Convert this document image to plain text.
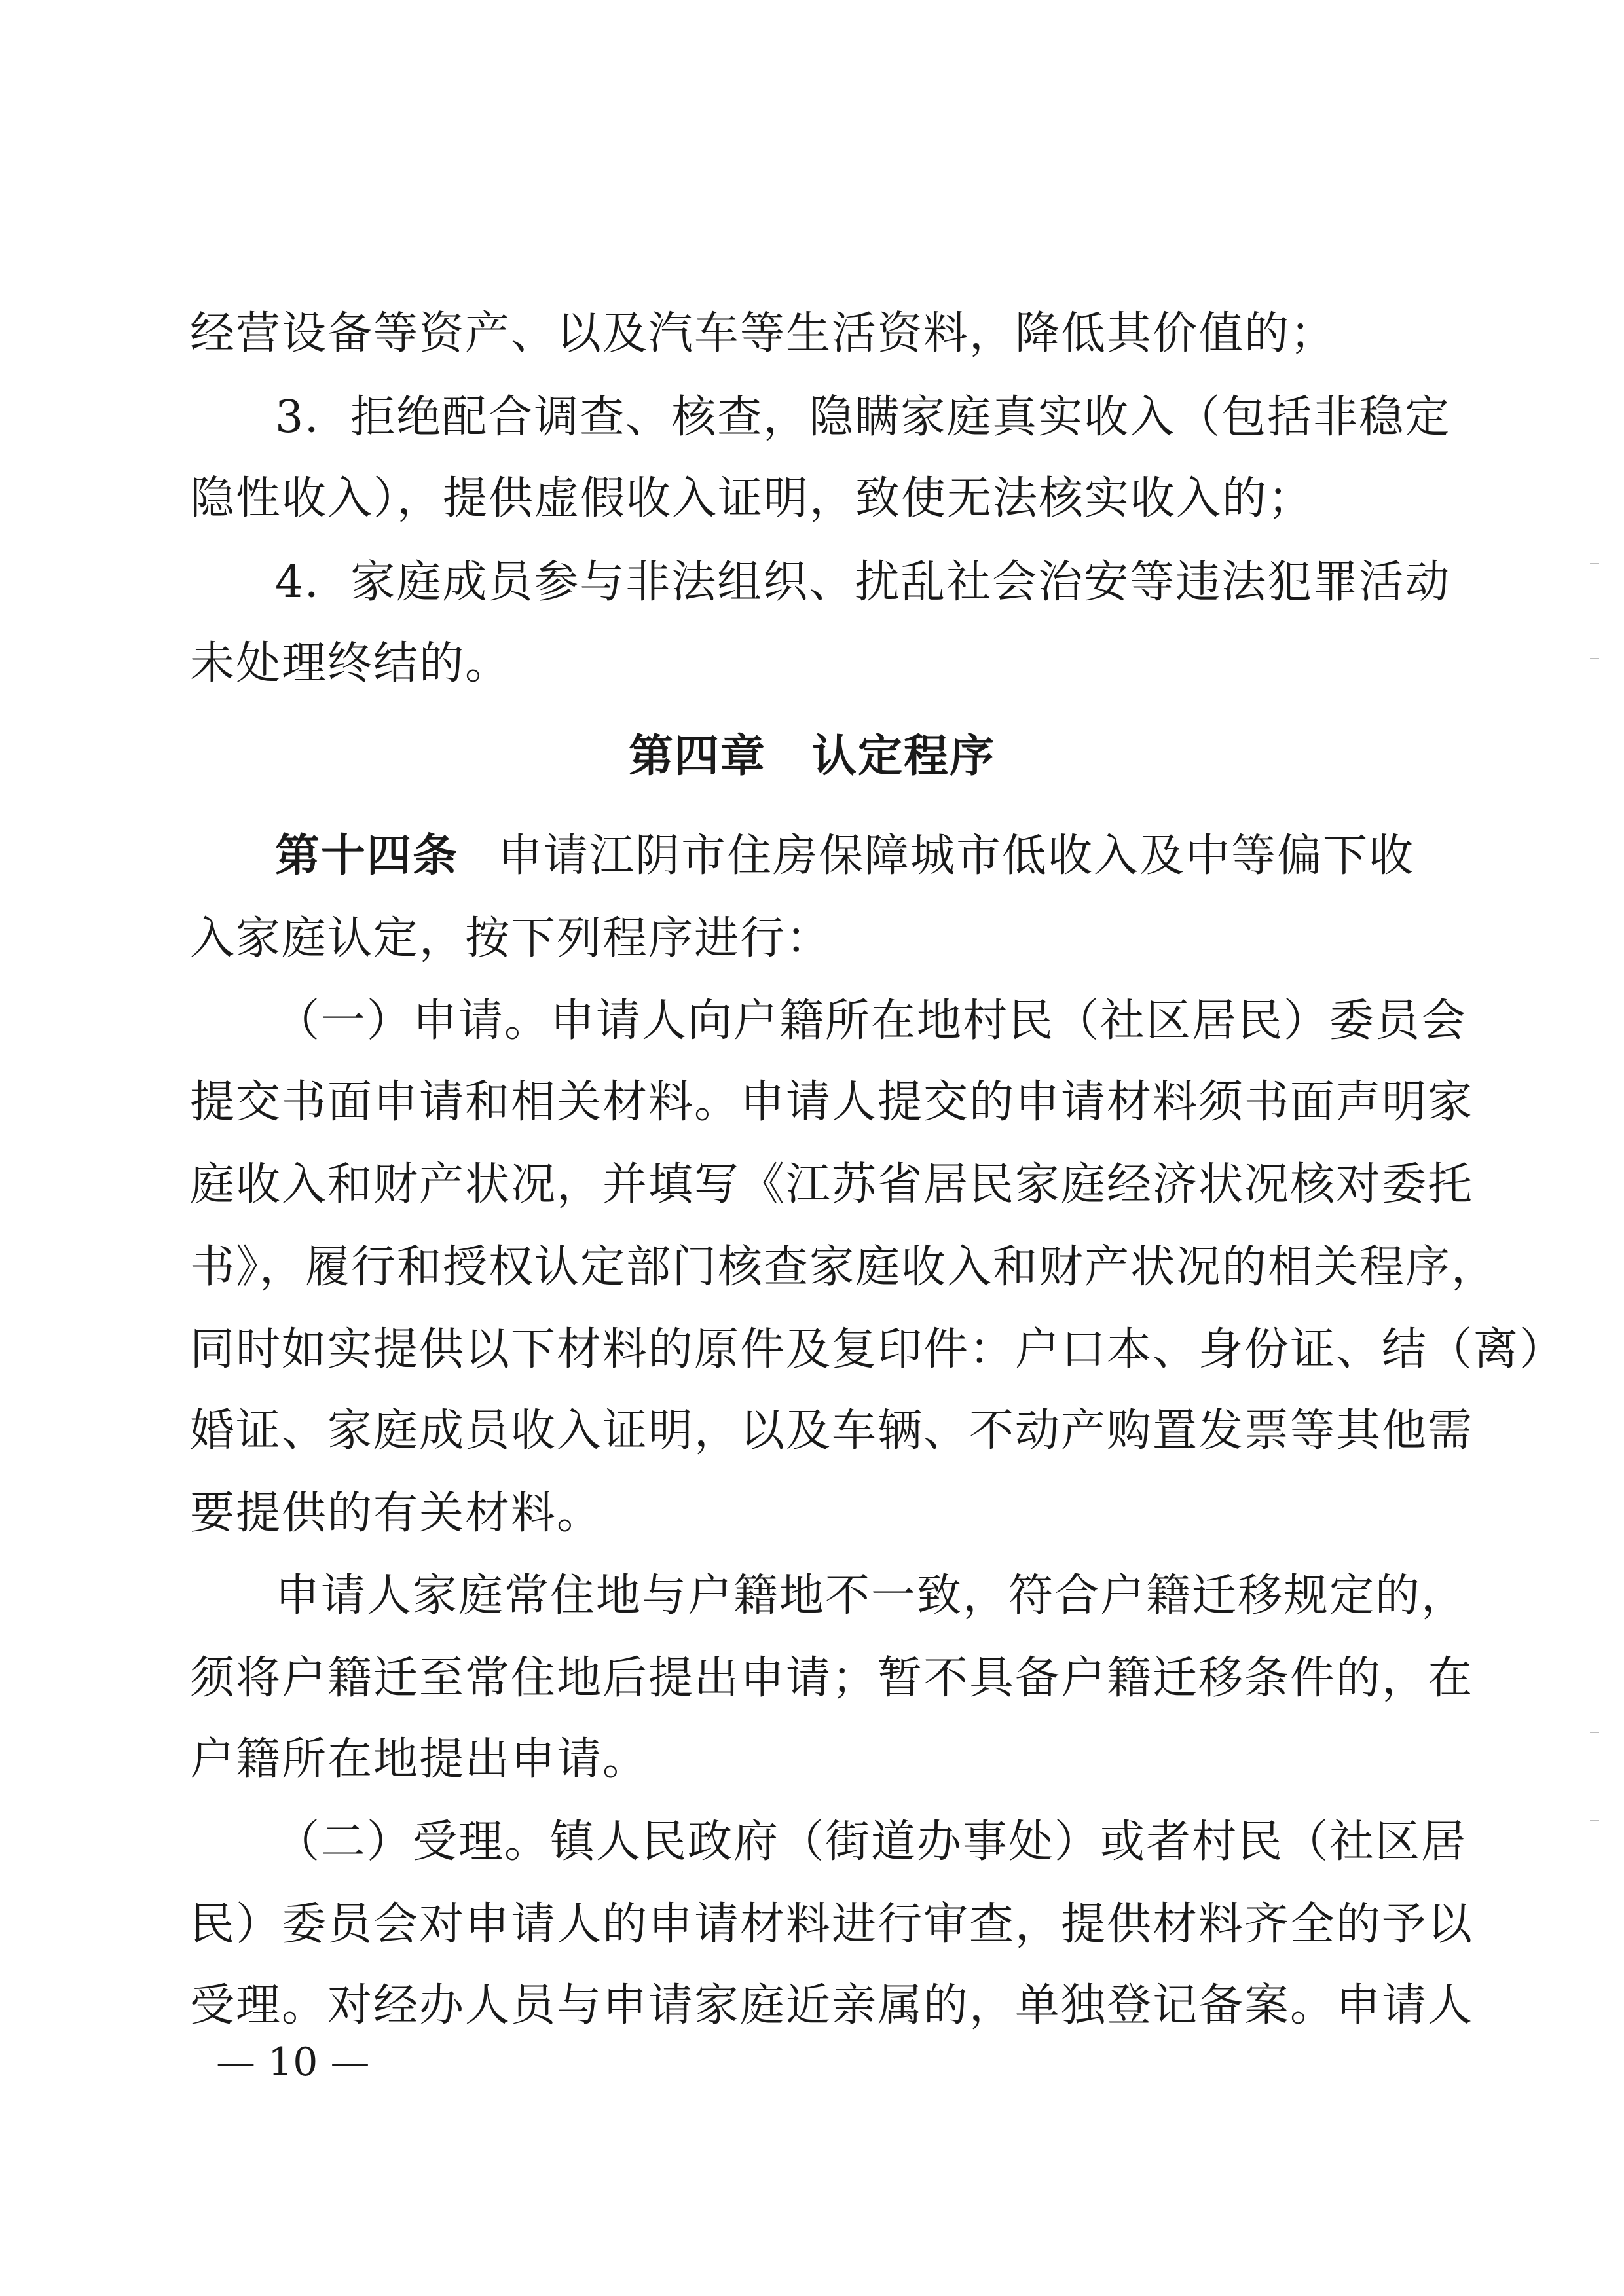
经营设备等资产、以及汽车等生活资料，降低其价值的；
3．拒绝配合调查、核查，隐瞒家庭真实收入（包括非稳定
隐性收入），提供虚假收入证明，致使无法核实收入的；
4．家庭成员参与非法组织、扰乱社会治安等违法犯罪活动
未处理终结的。
第四章 认定程序
第十四条 申请江阴市住房保障城市低收入及中等偏下收
入家庭认定，按下列程序进行：
（一）申请。申请人向户籍所在地村民（社区居民）委员会
提交书面申请和相关材料。申请人提交的申请材料须书面声明家
庭收入和财产状况，并填写《江苏省居民家庭经济状况核对委托
书》，履行和授权认定部门核查家庭收入和财产状况的相关程序，
同时如实提供以下材料的原件及复印件：户口本、身份证、结（离）
婚证、家庭成员收入证明，以及车辆、不动产购置发票等其他需
要提供的有关材料。
申请人家庭常住地与户籍地不一致，符合户籍迁移规定的，
须将户籍迁至常住地后提出申请；暂不具备户籍迁移条件的，在
户籍所在地提出申请。
（二）受理。镇人民政府（街道办事处）或者村民（社区居
民）委员会对申请人的申请材料进行审查，提供材料齐全的予以
受理。对经办人员与申请家庭近亲属的，单独登记备案。申请人
— 10 —
